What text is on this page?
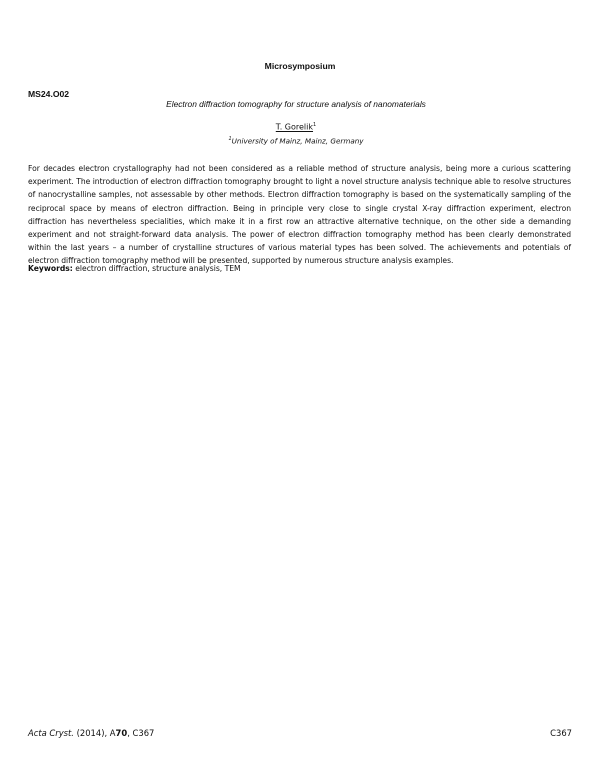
Microsymposium
MS24.O02
Electron diffraction tomography for structure analysis of nanomaterials
T. Gorelik$^1$
$^1$University of Mainz, Mainz, Germany
For decades electron crystallography had not been considered as a reliable method of structure analysis, being more a curious scattering experiment. The introduction of electron diffraction tomography brought to light a novel structure analysis technique able to resolve structures of nanocrystalline samples, not assessable by other methods. Electron diffraction tomography is based on the systematically sampling of the reciprocal space by means of electron diffraction. Being in principle very close to single crystal X-ray diffraction experiment, electron diffraction has nevertheless specialities, which make it in a first row an attractive alternative technique, on the other side a demanding experiment and not straight-forward data analysis. The power of electron diffraction tomography method has been clearly demonstrated within the last years – a number of crystalline structures of various material types has been solved. The achievements and potentials of electron diffraction tomography method will be presented, supported by numerous structure analysis examples.
Keywords: electron diffraction, structure analysis, TEM
Acta Cryst. (2014), A70, C367	C367
